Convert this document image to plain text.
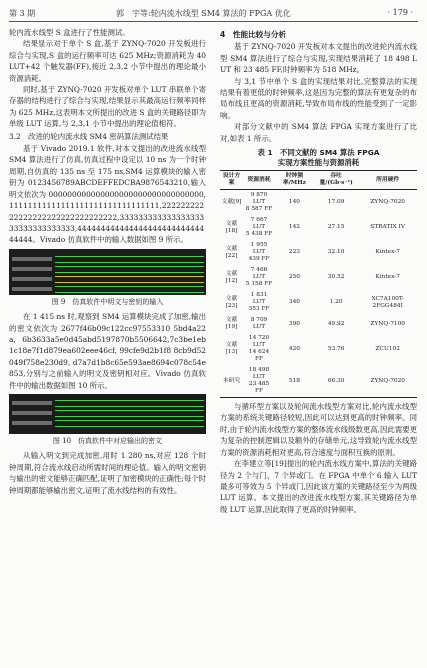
第 3 期	郭　宇等:轮内流水线型 SM4 算法的 FPGA 优化	· 179 ·

轮内流水线型 S 盒进行了性能测试。

结果显示对于单个 S 盒,基于 ZYNQ-7020 开发板进行综合与实现,S 盒的运行频率可达 625 MHz;资源消耗为 40 LUT+42 个触发器(FF),接近 2,3,2 小节中提出的理论最小资源消耗。

同时,基于 ZYNQ-7020 开发板对单个 LUT 串联单个寄存器的结构进行了综合与实现,结果显示其最高运行频率同样为 625 MHz,这表明本文所提出的改进 S 盒的关键路径即为单级 LUT 运算,与 2,3,1 小节中提出的理论值相符。

3.2　改进的轮内流水线 SM4 密码算法测试结果

基于 Vivado 2019.1 软件,对本文提出的改进流水线型 SM4 算法进行了仿真,仿真过程中设定以 10 ns 为一个时钟周期,自仿真的 135 ns 至 175 ns,SM4 运算模块的输入密钥为 0123456789ABCDEFFEDCBA9876543210,输入明文依次为 000000000000000000000000000000000,11111111111111111111111111111111,22222222222222222222222222222222,33333333333333333333333333333333,44444444444444444444444444444444。Vivado 仿真软件中的输入数据如图 9 所示。

图 9　仿真软件中明文与密钥的输入

在 1 415 ns 时,观察到 SM4 运算模块完成了加密,输出的密文依次为 2677f46b09c122cc97553310 5bd4a22a, 6b3633a5e0d45abd5197870b5506642,7c3be1eb1c18e7f1d879ea602eee46cf, 99cfe9d2b1f8 8cb9d52049f758e230d9, d7a7d1b8c65e593ae8694c078c54e853,分别与之前输入的明文及密钥相对应。Vivado 仿真软件中的输出数据如图 10 所示。

图 10　仿真软件中对应输出的密文

从输入明文到完成加密,用时 1 280 ns,对应 128 个时钟周期,符合流水线启动所需时间的理论值。输入的明文密钥与输出的密文能够正确匹配,证明了加密模块的正确性;每个时钟周期都能够输出密文,证明了流水线结构的有效性。

4　性能比较与分析

基于 ZYNQ-7020 开发板对本文提出的改进轮内流水线型 SM4 算法进行了综合与实现,实现结果消耗了 18 498 LUT 和 23 485 FF,时钟频率为 518 MHz。

与 3,1 节中单个 S 盒的实现结果对比,完整算法的实现结果有着更低的时钟频率,这是因为完整的算法有更复杂的布局布线且更高的资源消耗,导致布局布线的性能受到了一定影响。

对部分文献中的 SM4 算法 FPGA 实现方案进行了比对,如表 1 所示。

表 1　不同文献的 SM4 算法 FPGA
实现方案性能与资源消耗
设计方案	资源消耗	时钟频率/MHz	吞吐量/(Gb·s⁻¹)	所用硬件
文献[9]	9 870 LUT
8 587 FF	140	17.09	ZYNQ-7020
文献[18]	7 667 LUT
5 438 FF	142	27.15	STRATIX IV
文献[22]	1 955 LUT
439 FF	223	32.10	Kintex-7
文献[12]	7 466 LUT
5 158 FF	250	30.52	Kintex-7
文献[23]	1 831 LUT
353 FF	340	1.20	XC7A100T-2FGG484I
文献[19]	8 709 LUT	390	49.92	ZYNQ-7100
文献[13]	14 720 LUT
14 624 FF	420	53.76	ZCU102
本研究	18 498 LUT
23 485 FF	518	66.30	ZYNQ-7020

与循环型方案以及轮间流水线型方案对比,轮内流水线型方案的系统关键路径较短,因此可以达到更高的时钟频率。同时,由于轮内流水线型方案的整体流水线级数更高,因此需要更为复杂的控制逻辑以及额外的存储单元,这导致轮内流水线型方案的资源消耗相对更高,符合速度与面积互换的原则。

在李建立等[19]提出的轮内流水线方案中,算法的关键路径为 2 个与门、7 个异或门。在 FPGA 中单个 6 输入 LUT 最多可等效为 5 个异或门,因此该方案的关键路径至少为两级 LUT 运算。本文提出的改进流水线型方案,其关键路径为单级 LUT 运算,因此取得了更高的时钟频率。
